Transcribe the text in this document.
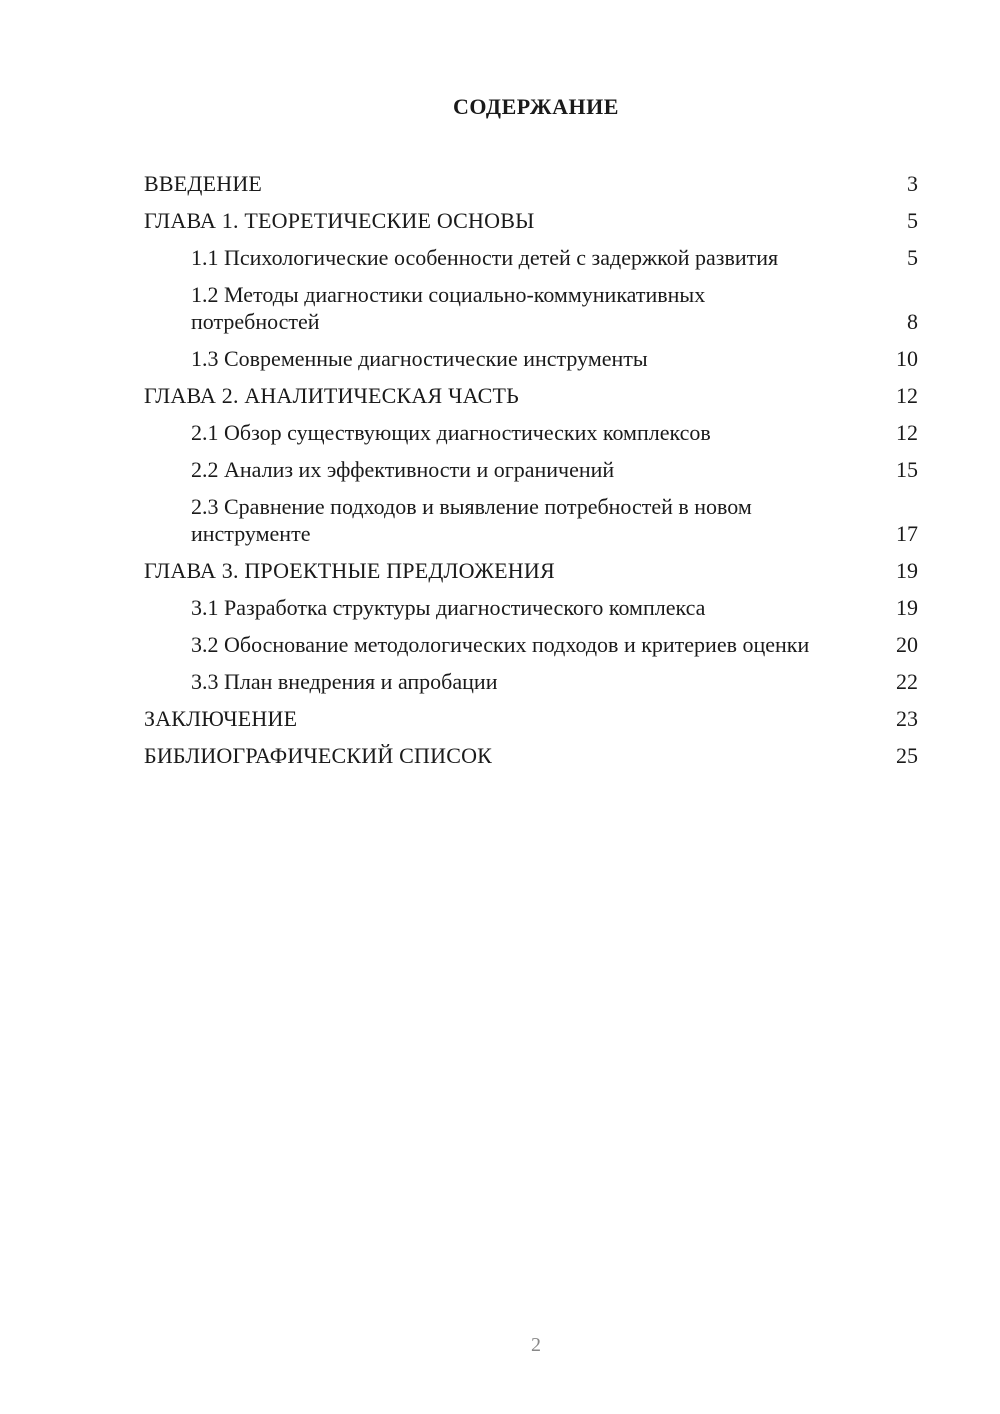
СОДЕРЖАНИЕ
ВВЕДЕНИЕ	3
ГЛАВА 1. ТЕОРЕТИЧЕСКИЕ ОСНОВЫ	5
1.1 Психологические особенности детей с задержкой развития	5
1.2 Методы диагностики социально-коммуникативных потребностей	8
1.3 Современные диагностические инструменты	10
ГЛАВА 2. АНАЛИТИЧЕСКАЯ ЧАСТЬ	12
2.1 Обзор существующих диагностических комплексов	12
2.2 Анализ их эффективности и ограничений	15
2.3 Сравнение подходов и выявление потребностей в новом инструменте	17
ГЛАВА 3. ПРОЕКТНЫЕ ПРЕДЛОЖЕНИЯ	19
3.1 Разработка структуры диагностического комплекса	19
3.2 Обоснование методологических подходов и критериев оценки	20
3.3 План внедрения и апробации	22
ЗАКЛЮЧЕНИЕ	23
БИБЛИОГРАФИЧЕСКИЙ СПИСОК	25
2
